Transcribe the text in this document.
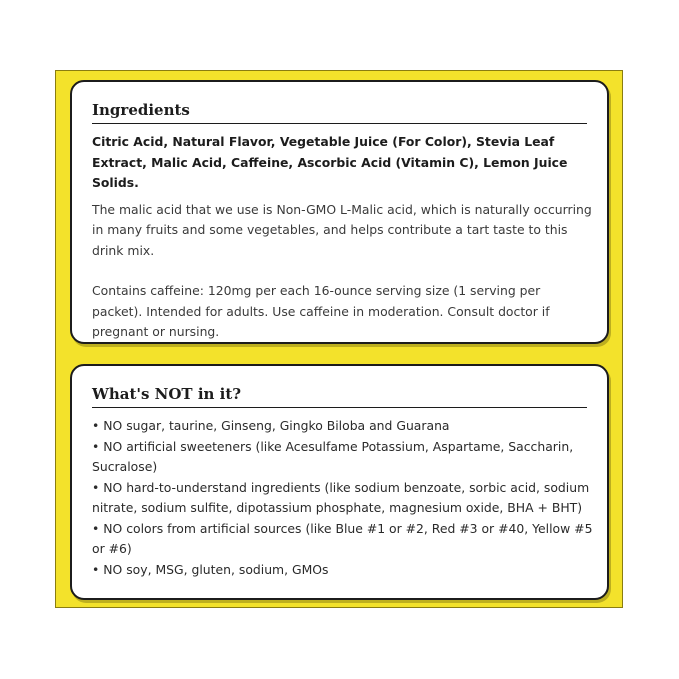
Ingredients

Citric Acid, Natural Flavor, Vegetable Juice (For Color), Stevia Leaf Extract, Malic Acid, Caffeine, Ascorbic Acid (Vitamin C), Lemon Juice Solids.

The malic acid that we use is Non-GMO L-Malic acid, which is naturally occurring in many fruits and some vegetables, and helps contribute a tart taste to this drink mix.

Contains caffeine: 120mg per each 16-ounce serving size (1 serving per packet). Intended for adults. Use caffeine in moderation. Consult doctor if pregnant or nursing.

What's NOT in it?
• NO sugar, taurine, Ginseng, Gingko Biloba and Guarana
• NO artificial sweeteners (like Acesulfame Potassium, Aspartame, Saccharin, Sucralose)
• NO hard-to-understand ingredients (like sodium benzoate, sorbic acid, sodium nitrate, sodium sulfite, dipotassium phosphate, magnesium oxide, BHA + BHT)
• NO colors from artificial sources (like Blue #1 or #2, Red #3 or #40, Yellow #5 or #6)
• NO soy, MSG, gluten, sodium, GMOs
